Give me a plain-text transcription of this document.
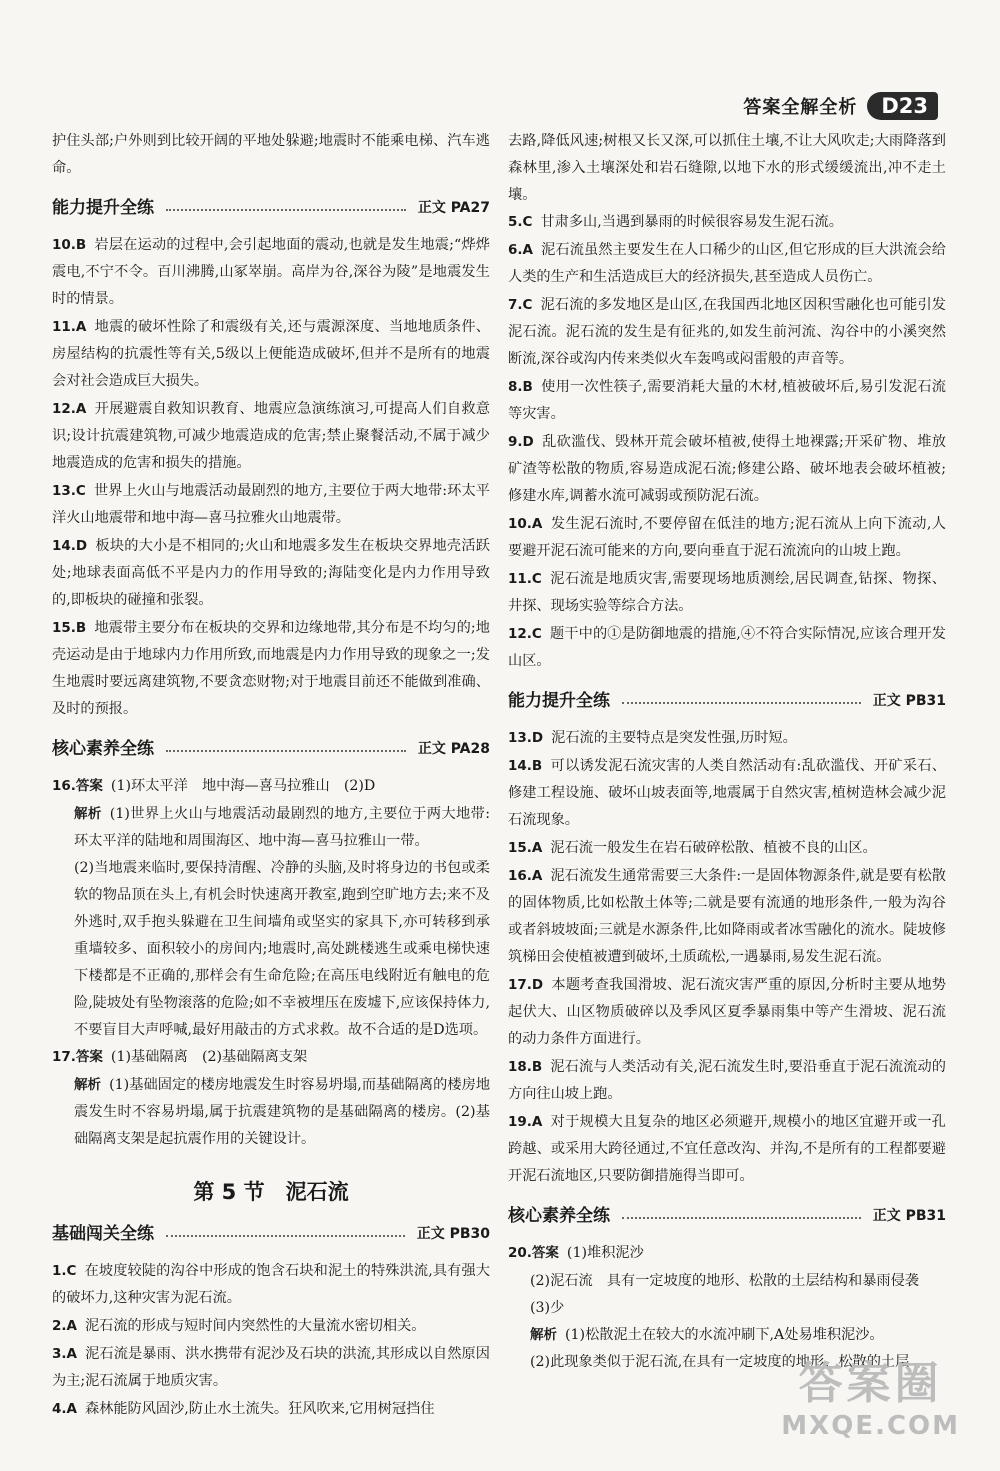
答案全解全析	D23

护住头部;户外则到比较开阔的平地处躲避;地震时不能乘电梯、汽车逃命。

能力提升全练	正文 PA27

10.B 岩层在运动的过程中,会引起地面的震动,也就是发生地震;“烨烨震电,不宁不令。百川沸腾,山冢崒崩。高岸为谷,深谷为陵”是地震发生时的情景。

11.A 地震的破坏性除了和震级有关,还与震源深度、当地地质条件、房屋结构的抗震性等有关,5级以上便能造成破坏,但并不是所有的地震会对社会造成巨大损失。

12.A 开展避震自救知识教育、地震应急演练演习,可提高人们自救意识;设计抗震建筑物,可减少地震造成的危害;禁止聚餐活动,不属于减少地震造成的危害和损失的措施。

13.C 世界上火山与地震活动最剧烈的地方,主要位于两大地带:环太平洋火山地震带和地中海—喜马拉雅火山地震带。

14.D 板块的大小是不相同的;火山和地震多发生在板块交界地壳活跃处;地球表面高低不平是内力的作用导致的;海陆变化是内力作用导致的,即板块的碰撞和张裂。

15.B 地震带主要分布在板块的交界和边缘地带,其分布是不均匀的;地壳运动是由于地球内力作用所致,而地震是内力作用导致的现象之一;发生地震时要远离建筑物,不要贪恋财物;对于地震目前还不能做到准确、及时的预报。

核心素养全练	正文 PA28

16.答案 (1)环太平洋　地中海—喜马拉雅山　(2)D

解析 (1)世界上火山与地震活动最剧烈的地方,主要位于两大地带:环太平洋的陆地和周围海区、地中海—喜马拉雅山一带。

(2)当地震来临时,要保持清醒、冷静的头脑,及时将身边的书包或柔软的物品顶在头上,有机会时快速离开教室,跑到空旷地方去;来不及外逃时,双手抱头躲避在卫生间墙角或坚实的家具下,亦可转移到承重墙较多、面积较小的房间内;地震时,高处跳楼逃生或乘电梯快速下楼都是不正确的,那样会有生命危险;在高压电线附近有触电的危险,陡坡处有坠物滚落的危险;如不幸被埋压在废墟下,应该保持体力,不要盲目大声呼喊,最好用敲击的方式求救。故不合适的是D选项。

17.答案 (1)基础隔离　(2)基础隔离支架

解析 (1)基础固定的楼房地震发生时容易坍塌,而基础隔离的楼房地震发生时不容易坍塌,属于抗震建筑物的是基础隔离的楼房。(2)基础隔离支架是起抗震作用的关键设计。

第 5 节　泥石流
基础闯关全练	正文 PB30

1.C 在坡度较陡的沟谷中形成的饱含石块和泥土的特殊洪流,具有强大的破坏力,这种灾害为泥石流。

2.A 泥石流的形成与短时间内突然性的大量流水密切相关。

3.A 泥石流是暴雨、洪水携带有泥沙及石块的洪流,其形成以自然原因为主;泥石流属于地质灾害。

4.A 森林能防风固沙,防止水土流失。狂风吹来,它用树冠挡住

去路,降低风速;树根又长又深,可以抓住土壤,不让大风吹走;大雨降落到森林里,渗入土壤深处和岩石缝隙,以地下水的形式缓缓流出,冲不走土壤。

5.C 甘肃多山,当遇到暴雨的时候很容易发生泥石流。

6.A 泥石流虽然主要发生在人口稀少的山区,但它形成的巨大洪流会给人类的生产和生活造成巨大的经济损失,甚至造成人员伤亡。

7.C 泥石流的多发地区是山区,在我国西北地区因积雪融化也可能引发泥石流。泥石流的发生是有征兆的,如发生前河流、沟谷中的小溪突然断流,深谷或沟内传来类似火车轰鸣或闷雷般的声音等。

8.B 使用一次性筷子,需要消耗大量的木材,植被破坏后,易引发泥石流等灾害。

9.D 乱砍滥伐、毁林开荒会破坏植被,使得土地裸露;开采矿物、堆放矿渣等松散的物质,容易造成泥石流;修建公路、破坏地表会破坏植被;修建水库,调蓄水流可减弱或预防泥石流。

10.A 发生泥石流时,不要停留在低洼的地方;泥石流从上向下流动,人要避开泥石流可能来的方向,要向垂直于泥石流流向的山坡上跑。

11.C 泥石流是地质灾害,需要现场地质测绘,居民调查,钻探、物探、井探、现场实验等综合方法。

12.C 题干中的①是防御地震的措施,④不符合实际情况,应该合理开发山区。

能力提升全练	正文 PB31

13.D 泥石流的主要特点是突发性强,历时短。

14.B 可以诱发泥石流灾害的人类自然活动有:乱砍滥伐、开矿采石、修建工程设施、破坏山坡表面等,地震属于自然灾害,植树造林会减少泥石流现象。

15.A 泥石流一般发生在岩石破碎松散、植被不良的山区。

16.A 泥石流发生通常需要三大条件:一是固体物源条件,就是要有松散的固体物质,比如松散土体等;二就是要有流通的地形条件,一般为沟谷或者斜坡坡面;三就是水源条件,比如降雨或者冰雪融化的流水。陡坡修筑梯田会使植被遭到破坏,土质疏松,一遇暴雨,易发生泥石流。

17.D 本题考查我国滑坡、泥石流灾害严重的原因,分析时主要从地势起伏大、山区物质破碎以及季风区夏季暴雨集中等产生滑坡、泥石流的动力条件方面进行。

18.B 泥石流与人类活动有关,泥石流发生时,要沿垂直于泥石流流动的方向往山坡上跑。

19.A 对于规模大且复杂的地区必须避开,规模小的地区宜避开或一孔跨越、或采用大跨径通过,不宜任意改沟、并沟,不是所有的工程都要避开泥石流地区,只要防御措施得当即可。

核心素养全练	正文 PB31

20.答案 (1)堆积泥沙

(2)泥石流　具有一定坡度的地形、松散的土层结构和暴雨侵袭

(3)少

解析 (1)松散泥土在较大的水流冲刷下,A处易堆积泥沙。

(2)此现象类似于泥石流,在具有一定坡度的地形、松散的土层

答案圈
MXQE.COM
